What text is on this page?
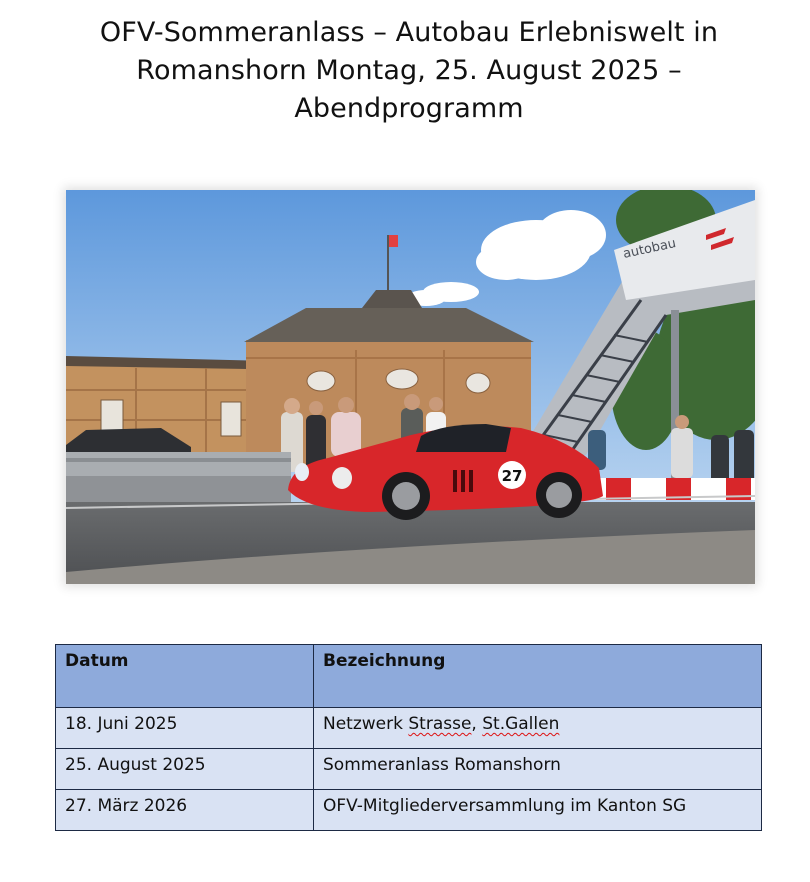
OFV-Sommeranlass – Autobau Erlebniswelt in
Romanshorn Montag, 25. August 2025 –
Abendprogramm
autobau
27
Datum	Bezeichnung
18. Juni 2025	Netzwerk Strasse, St.Gallen
25. August 2025	Sommeranlass Romanshorn
27. März 2026	OFV-Mitgliederversammlung im Kanton SG
